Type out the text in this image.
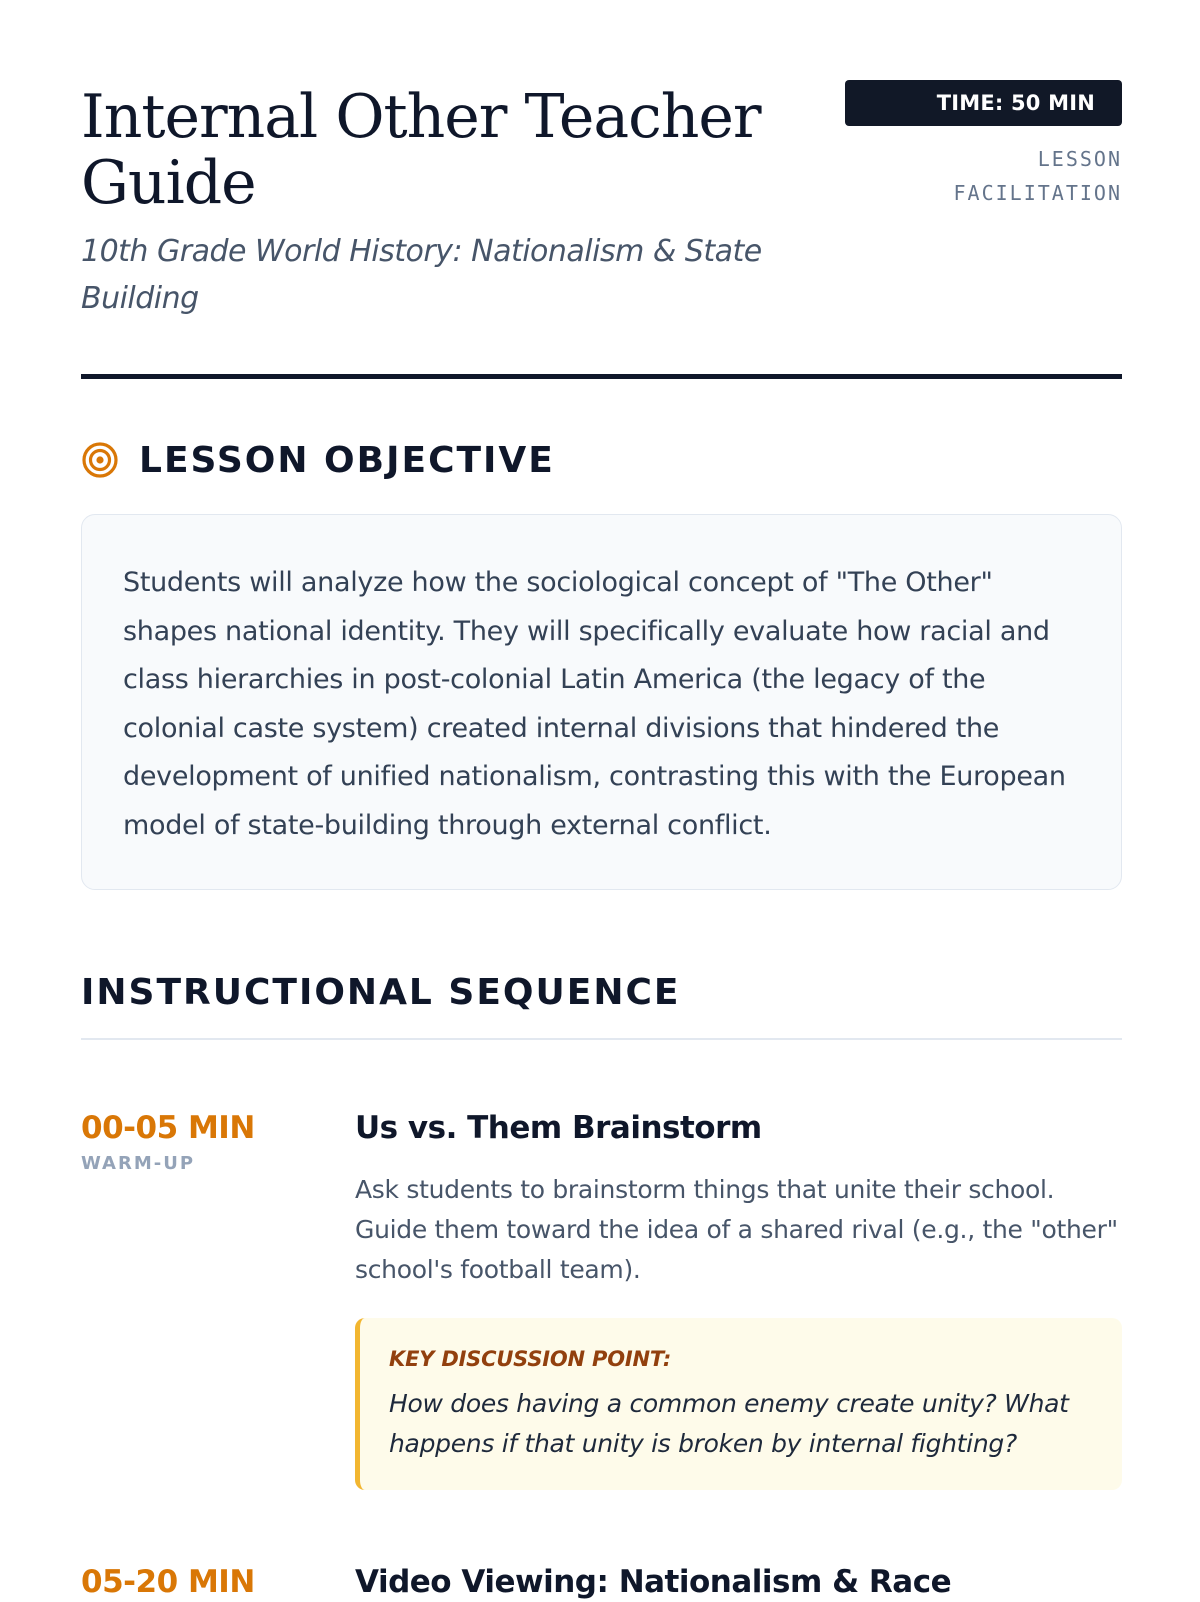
Internal Other Teacher Guide

10th Grade World History: Nationalism & State Building

TIME: 50 MIN
LESSON FACILITATION
LESSON OBJECTIVE

Students will analyze how the sociological concept of "The Other" shapes national identity. They will specifically evaluate how racial and class hierarchies in post-colonial Latin America (the legacy of the colonial caste system) created internal divisions that hindered the development of unified nationalism, contrasting this with the European model of state-building through external conflict.

INSTRUCTIONAL SEQUENCE
00-05 MIN
WARM-UP
Us vs. Them Brainstorm

Ask students to brainstorm things that unite their school. Guide them toward the idea of a shared rival (e.g., the "other" school's football team).

KEY DISCUSSION POINT:

How does having a common enemy create unity? What happens if that unity is broken by internal fighting?

05-20 MIN	Video Viewing: Nationalism & Race
